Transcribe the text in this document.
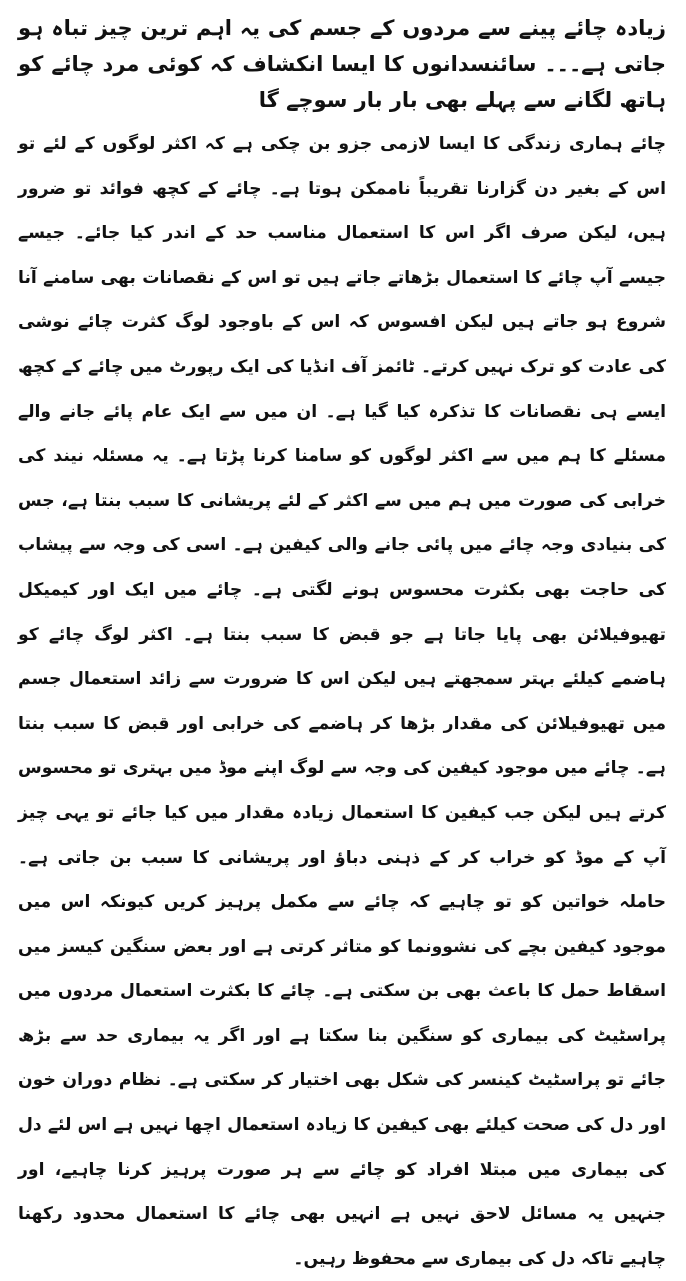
زیادہ چائے پینے سے مردوں کے جسم کی یہ اہم ترین چیز تباہ ہو جاتی ہے۔۔۔ سائنسدانوں کا ایسا انکشاف کہ کوئی مرد چائے کو ہاتھ لگانے سے پہلے بھی بار بار سوچے گا

چائے ہماری زندگی کا ایسا لازمی جزو بن چکی ہے کہ اکثر لوگوں کے لئے تو اس کے بغیر دن گزارنا تقریباً ناممکن ہوتا ہے۔ چائے کے کچھ فوائد تو ضرور ہیں، لیکن صرف اگر اس کا استعمال مناسب حد کے اندر کیا جائے۔ جیسے جیسے آپ چائے کا استعمال بڑھاتے جاتے ہیں تو اس کے نقصانات بھی سامنے آنا شروع ہو جاتے ہیں لیکن افسوس کہ اس کے باوجود لوگ کثرت چائے نوشی کی عادت کو ترک نہیں کرتے۔ ٹائمز آف انڈیا کی ایک رپورٹ میں چائے کے کچھ ایسے ہی نقصانات کا تذکرہ کیا گیا ہے۔ ان میں سے ایک عام پائے جانے والے مسئلے کا ہم میں سے اکثر لوگوں کو سامنا کرنا پڑتا ہے۔ یہ مسئلہ نیند کی خرابی کی صورت میں ہم میں سے اکثر کے لئے پریشانی کا سبب بنتا ہے، جس کی بنیادی وجہ چائے میں پائی جانے والی کیفین ہے۔ اسی کی وجہ سے پیشاب کی حاجت بھی بکثرت محسوس ہونے لگتی ہے۔ چائے میں ایک اور کیمیکل تھیوفیلائن بھی پایا جاتا ہے جو قبض کا سبب بنتا ہے۔ اکثر لوگ چائے کو ہاضمے کیلئے بہتر سمجھتے ہیں لیکن اس کا ضرورت سے زائد استعمال جسم میں تھیوفیلائن کی مقدار بڑھا کر ہاضمے کی خرابی اور قبض کا سبب بنتا ہے۔ چائے میں موجود کیفین کی وجہ سے لوگ اپنے موڈ میں بہتری تو محسوس کرتے ہیں لیکن جب کیفین کا استعمال زیادہ مقدار میں کیا جائے تو یہی چیز آپ کے موڈ کو خراب کر کے ذہنی دباؤ اور پریشانی کا سبب بن جاتی ہے۔ حاملہ خواتین کو تو چاہیے کہ چائے سے مکمل پرہیز کریں کیونکہ اس میں موجود کیفین بچے کی نشوونما کو متاثر کرتی ہے اور بعض سنگین کیسز میں اسقاط حمل کا باعث بھی بن سکتی ہے۔ چائے کا بکثرت استعمال مردوں میں پراسٹیٹ کی بیماری کو سنگین بنا سکتا ہے اور اگر یہ بیماری حد سے بڑھ جائے تو پراسٹیٹ کینسر کی شکل بھی اختیار کر سکتی ہے۔ نظام دوران خون اور دل کی صحت کیلئے بھی کیفین کا زیادہ استعمال اچھا نہیں ہے اس لئے دل کی بیماری میں مبتلا افراد کو چائے سے ہر صورت پرہیز کرنا چاہیے، اور جنہیں یہ مسائل لاحق نہیں ہے انہیں بھی چائے کا استعمال محدود رکھنا چاہیے تاکہ دل کی بیماری سے محفوظ رہیں۔
